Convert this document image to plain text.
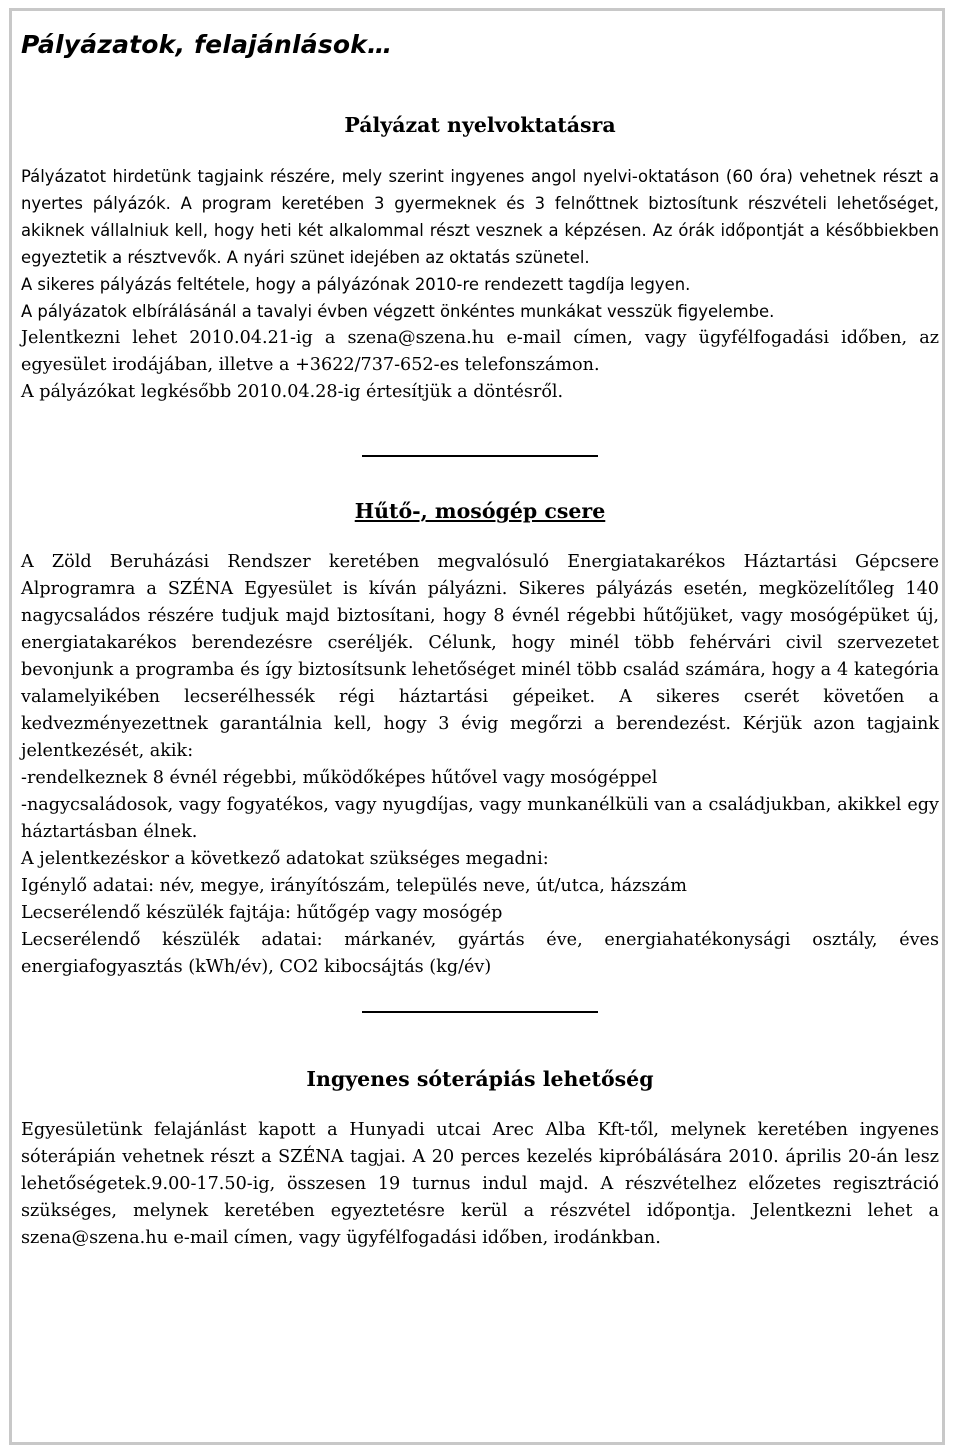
Pályázatok, felajánlások…
Pályázat nyelvoktatásra

Pályázatot hirdetünk tagjaink részére, mely szerint ingyenes angol nyelvi-oktatáson (60 óra) vehetnek részt a nyertes pályázók. A program keretében 3 gyermeknek és 3 felnőttnek biztosítunk részvételi lehetőséget, akiknek vállalniuk kell, hogy heti két alkalommal részt vesznek a képzésen. Az órák időpontját a későbbiekben egyeztetik a résztvevők. A nyári szünet idejében az oktatás szünetel.

A sikeres pályázás feltétele, hogy a pályázónak 2010-re rendezett tagdíja legyen.

A pályázatok elbírálásánál a tavalyi évben végzett önkéntes munkákat vesszük figyelembe.

Jelentkezni lehet 2010.04.21-ig a szena@szena.hu e-mail címen, vagy ügyfélfogadási időben, az egyesület irodájában, illetve a +3622/737-652-es telefonszámon.

A pályázókat legkésőbb 2010.04.28-ig értesítjük a döntésről.

Hűtő-, mosógép csere

A Zöld Beruházási Rendszer keretében megvalósuló Energiatakarékos Háztartási Gépcsere Alprogramra a SZÉNA Egyesület is kíván pályázni. Sikeres pályázás esetén, megközelítőleg 140 nagycsaládos részére tudjuk majd biztosítani, hogy 8 évnél régebbi hűtőjüket, vagy mosógépüket új, energiatakarékos berendezésre cseréljék. Célunk, hogy minél több fehérvári civil szervezetet bevonjunk a programba és így biztosítsunk lehetőséget minél több család számára, hogy a 4 kategória valamelyikében lecserélhessék régi háztartási gépeiket. A sikeres cserét követően a kedvezményezettnek garantálnia kell, hogy 3 évig megőrzi a berendezést. Kérjük azon tagjaink jelentkezését, akik:

-rendelkeznek 8 évnél régebbi, működőképes hűtővel vagy mosógéppel

-nagycsaládosok, vagy fogyatékos, vagy nyugdíjas, vagy munkanélküli van a családjukban, akikkel egy háztartásban élnek.

A jelentkezéskor a következő adatokat szükséges megadni:

Igénylő adatai: név, megye, irányítószám, település neve, út/utca, házszám

Lecserélendő készülék fajtája: hűtőgép vagy mosógép

Lecserélendő készülék adatai: márkanév, gyártás éve, energiahatékonysági osztály, éves energiafogyasztás (kWh/év), CO2 kibocsájtás (kg/év)

Ingyenes sóterápiás lehetőség

Egyesületünk felajánlást kapott a Hunyadi utcai Arec Alba Kft-től, melynek keretében ingyenes sóterápián vehetnek részt a SZÉNA tagjai. A 20 perces kezelés kipróbálására 2010. április 20-án lesz lehetőségetek.9.00-17.50-ig, összesen 19 turnus indul majd. A részvételhez előzetes regisztráció szükséges, melynek keretében egyeztetésre kerül a részvétel időpontja. Jelentkezni lehet a szena@szena.hu e-mail címen, vagy ügyfélfogadási időben, irodánkban.
